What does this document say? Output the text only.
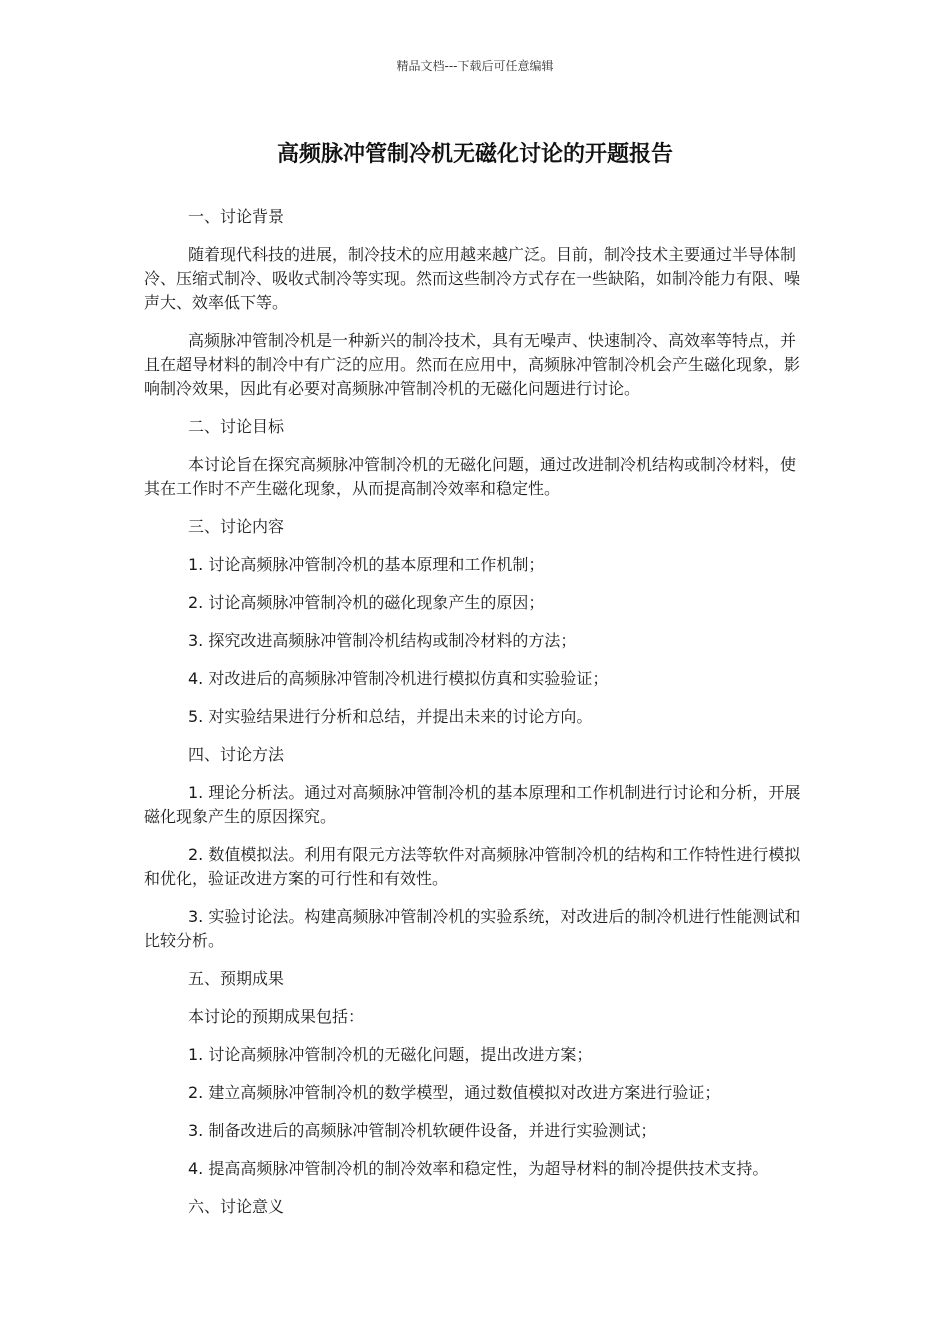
精品文档---下载后可任意编辑
高频脉冲管制冷机无磁化讨论的开题报告

一、讨论背景

随着现代科技的进展，制冷技术的应用越来越广泛。目前，制冷技术主要通过半导体制冷、压缩式制冷、吸收式制冷等实现。然而这些制冷方式存在一些缺陷，如制冷能力有限、噪声大、效率低下等。

高频脉冲管制冷机是一种新兴的制冷技术，具有无噪声、快速制冷、高效率等特点，并且在超导材料的制冷中有广泛的应用。然而在应用中，高频脉冲管制冷机会产生磁化现象，影响制冷效果，因此有必要对高频脉冲管制冷机的无磁化问题进行讨论。

二、讨论目标

本讨论旨在探究高频脉冲管制冷机的无磁化问题，通过改进制冷机结构或制冷材料，使其在工作时不产生磁化现象，从而提高制冷效率和稳定性。

三、讨论内容

1. 讨论高频脉冲管制冷机的基本原理和工作机制；

2. 讨论高频脉冲管制冷机的磁化现象产生的原因；

3. 探究改进高频脉冲管制冷机结构或制冷材料的方法；

4. 对改进后的高频脉冲管制冷机进行模拟仿真和实验验证；

5. 对实验结果进行分析和总结，并提出未来的讨论方向。

四、讨论方法

1. 理论分析法。通过对高频脉冲管制冷机的基本原理和工作机制进行讨论和分析，开展磁化现象产生的原因探究。

2. 数值模拟法。利用有限元方法等软件对高频脉冲管制冷机的结构和工作特性进行模拟和优化，验证改进方案的可行性和有效性。

3. 实验讨论法。构建高频脉冲管制冷机的实验系统，对改进后的制冷机进行性能测试和比较分析。

五、预期成果

本讨论的预期成果包括：

1. 讨论高频脉冲管制冷机的无磁化问题，提出改进方案；

2. 建立高频脉冲管制冷机的数学模型，通过数值模拟对改进方案进行验证；

3. 制备改进后的高频脉冲管制冷机软硬件设备，并进行实验测试；

4. 提高高频脉冲管制冷机的制冷效率和稳定性，为超导材料的制冷提供技术支持。

六、讨论意义
